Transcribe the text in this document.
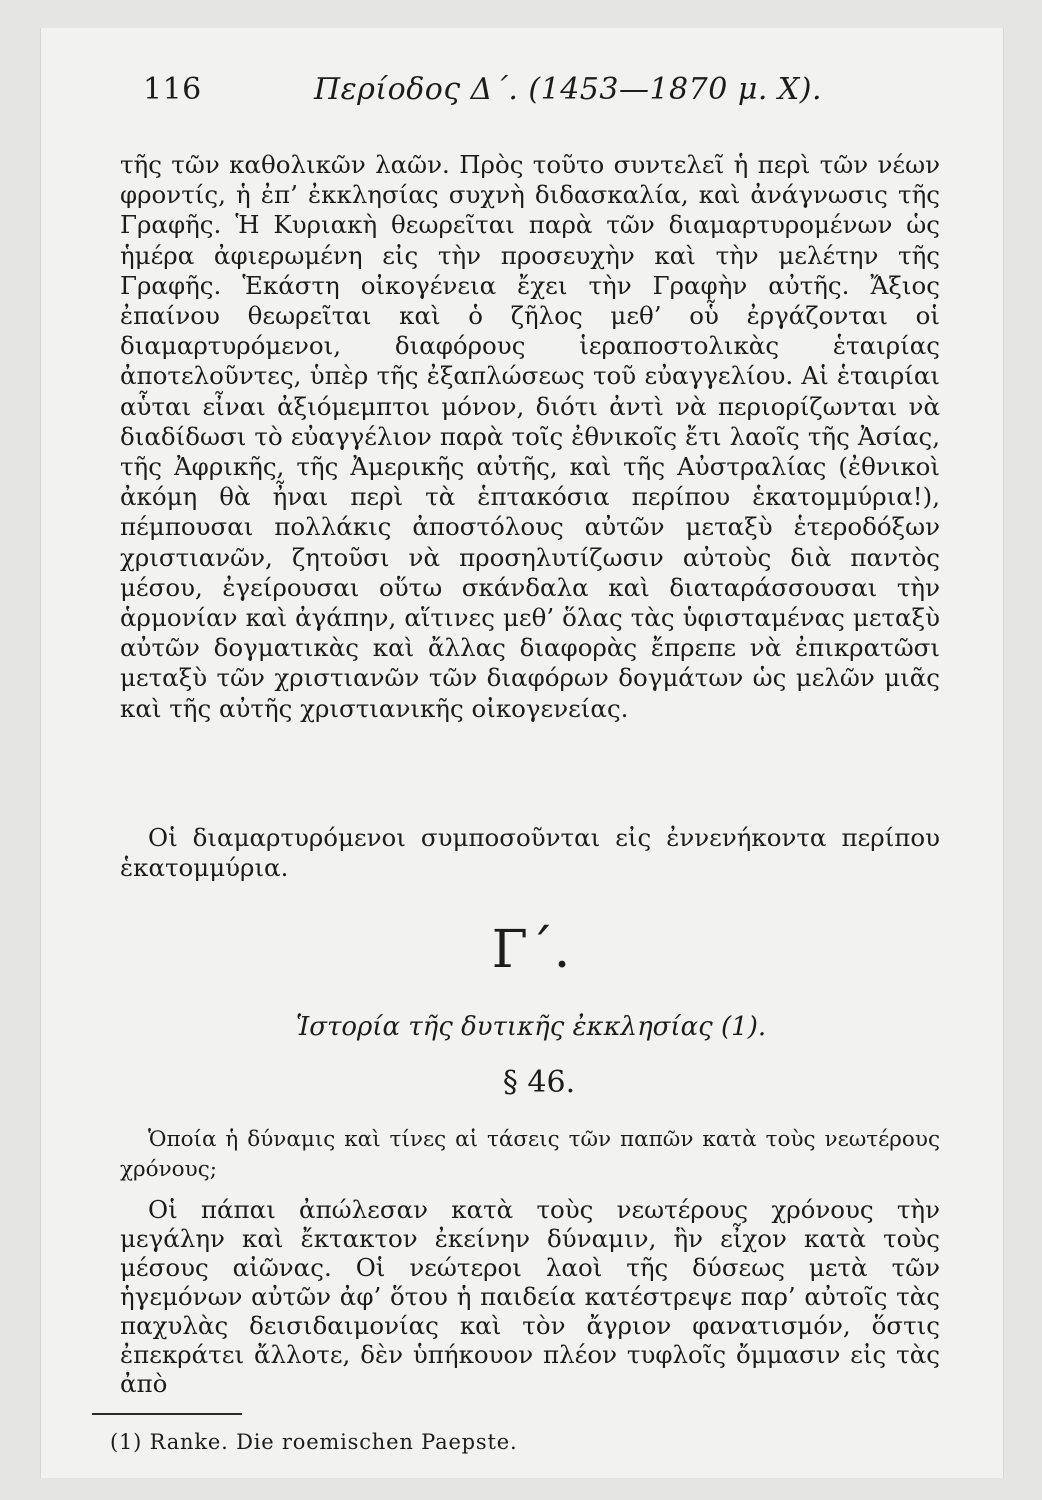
116	Περίοδος Δ΄. (1453—1870 μ. Χ).

τῆς τῶν καθολικῶν λαῶν. Πρὸς τοῦτο συντελεῖ ἡ περὶ τῶν νέων φροντίς, ἡ ἐπ’ ἐκκλησίας συχνὴ διδασκαλία, καὶ ἀνάγνωσις τῆς Γραφῆς. Ἡ Κυριακὴ θεωρεῖται παρὰ τῶν διαμαρτυρομένων ὡς ἡμέρα ἀφιερωμένη εἰς τὴν προσευχὴν καὶ τὴν μελέτην τῆς Γραφῆς. Ἑκάστη οἰκογένεια ἔχει τὴν Γραφὴν αὐτῆς. Ἄξιος ἐπαίνου θεωρεῖται καὶ ὁ ζῆλος μεθ’ οὗ ἐργάζονται οἱ διαμαρτυρόμενοι, διαφόρους ἱεραποστολικὰς ἑταιρίας ἀποτελοῦντες, ὑπὲρ τῆς ἐξαπλώσεως τοῦ εὐαγγελίου. Αἱ ἑταιρίαι αὗται εἶναι ἀξιόμεμπτοι μόνον, διότι ἀντὶ νὰ περιορίζωνται νὰ διαδίδωσι τὸ εὐαγγέλιον παρὰ τοῖς ἐθνικοῖς ἔτι λαοῖς τῆς Ἀσίας, τῆς Ἀφρικῆς, τῆς Ἀμερικῆς αὐτῆς, καὶ τῆς Αὐστραλίας (ἐθνικοὶ ἀκόμη θὰ ἦναι περὶ τὰ ἑπτακόσια περίπου ἑκατομμύρια!), πέμπουσαι πολλάκις ἀποστόλους αὐτῶν μεταξὺ ἑτεροδόξων χριστιανῶν, ζητοῦσι νὰ προσηλυτίζωσιν αὐτοὺς διὰ παντὸς μέσου, ἐγείρουσαι οὕτω σκάνδαλα καὶ διαταράσσουσαι τὴν ἁρμονίαν καὶ ἀγάπην, αἵτινες μεθ’ ὅλας τὰς ὑφισταμένας μεταξὺ αὐτῶν δογματικὰς καὶ ἄλλας διαφορὰς ἔπρεπε νὰ ἐπικρατῶσι μεταξὺ τῶν χριστιανῶν τῶν διαφόρων δογμάτων ὡς μελῶν μιᾶς καὶ τῆς αὐτῆς χριστιανικῆς οἰκογενείας.

Οἱ διαμαρτυρόμενοι συμποσοῦνται εἰς ἐννενήκοντα περίπου ἑκατομμύρια.

Γ΄.
Ἱστορία τῆς δυτικῆς ἐκκλησίας (1).
§ 46.

Ὁποία ἡ δύναμις καὶ τίνες αἱ τάσεις τῶν παπῶν κατὰ τοὺς νεωτέρους χρόνους;

Οἱ πάπαι ἀπώλεσαν κατὰ τοὺς νεωτέρους χρόνους τὴν μεγάλην καὶ ἔκτακτον ἐκείνην δύναμιν, ἣν εἶχον κατὰ τοὺς μέσους αἰῶνας. Οἱ νεώτεροι λαοὶ τῆς δύσεως μετὰ τῶν ἡγεμόνων αὐτῶν ἀφ’ ὅτου ἡ παιδεία κατέστρεψε παρ’ αὐτοῖς τὰς παχυλὰς δεισιδαιμονίας καὶ τὸν ἄγριον φανατισμόν, ὅστις ἐπεκράτει ἄλλοτε, δὲν ὑπήκουον πλέον τυφλοῖς ὄμμασιν εἰς τὰς ἀπὸ

(1) Ranke. Die roemischen Paepste.
